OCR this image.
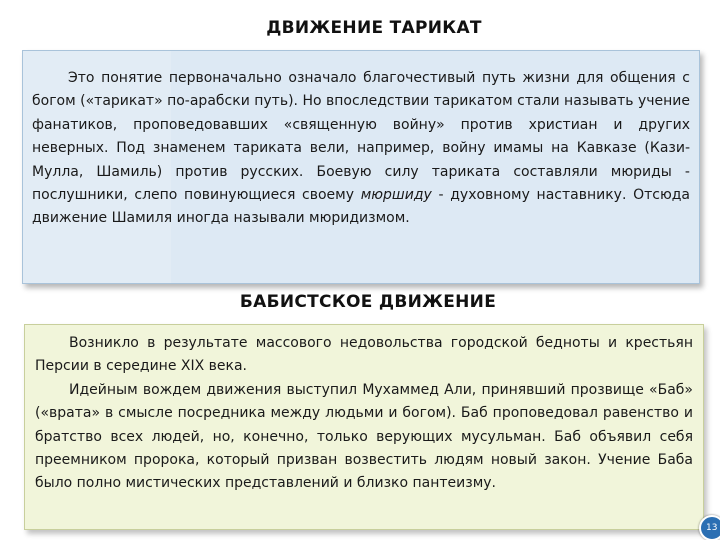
ДВИЖЕНИЕ ТАРИКАТ

Это понятие первоначально означало благочестивый путь жизни для общения с богом («тарикат» по-арабски путь). Но впоследствии тарикатом стали называть учение фанатиков, проповедовавших «священную войну» против христиан и других неверных. Под знаменем тариката вели, например, войну имамы на Кавказе (Кази-Мулла, Шамиль) против русских. Боевую силу тариката составляли мюриды - послушники, слепо повинующиеся своему мюршиду - духовному наставнику. Отсюда движение Шамиля иногда называли мюридизмом.

БАБИСТСКОЕ ДВИЖЕНИЕ

Возникло в результате массового недовольства городской бедноты и крестьян Персии в середине XIX века.

Идейным вождем движения выступил Мухаммед Али, принявший прозвище «Баб» («врата» в смысле посредника между людьми и богом). Баб проповедовал равенство и братство всех людей, но, конечно, только верующих мусульман. Баб объявил себя преемником пророка, который призван возвестить людям новый закон. Учение Баба было полно мистических представлений и близко пантеизму.

13
